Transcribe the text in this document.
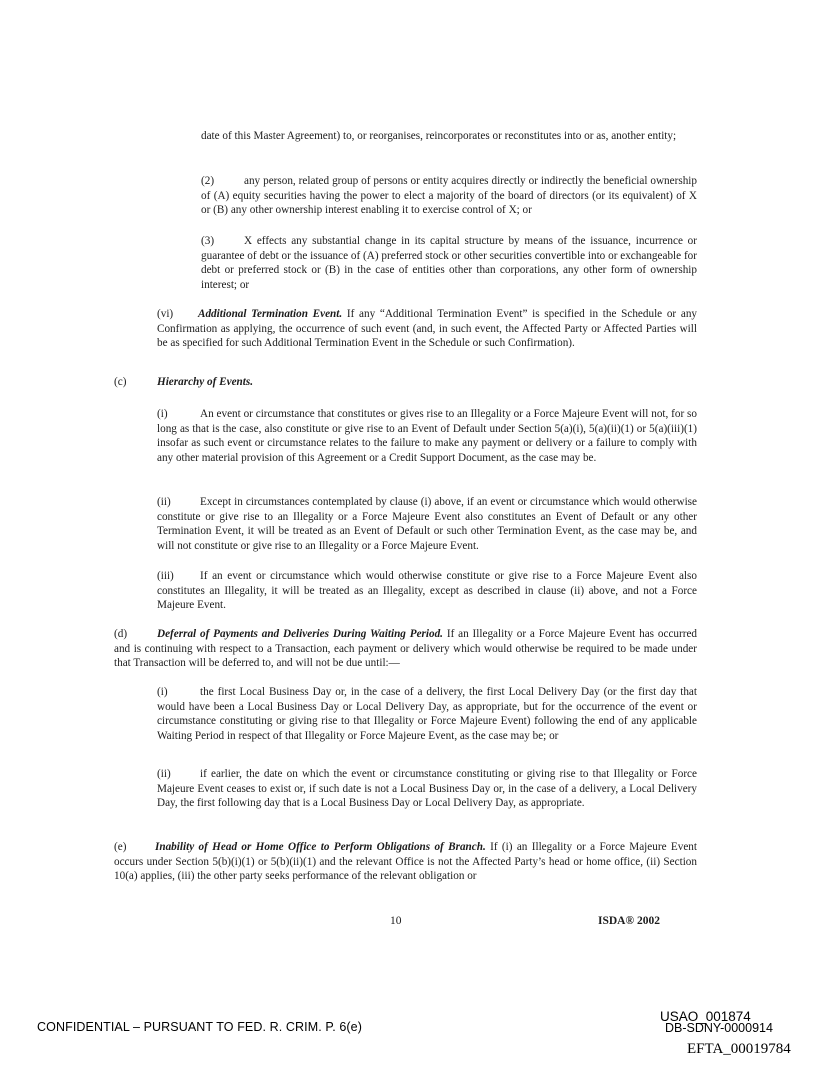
date of this Master Agreement) to, or reorganises, reincorporates or reconstitutes into or as, another entity;

(2)	any person, related group of persons or entity acquires directly or indirectly the beneficial ownership of (A) equity securities having the power to elect a majority of the board of directors (or its equivalent) of X or (B) any other ownership interest enabling it to exercise control of X; or

(3)	X effects any substantial change in its capital structure by means of the issuance, incurrence or guarantee of debt or the issuance of (A) preferred stock or other securities convertible into or exchangeable for debt or preferred stock or (B) in the case of entities other than corporations, any other form of ownership interest; or

(vi) Additional Termination Event. If any “Additional Termination Event” is specified in the Schedule or any Confirmation as applying, the occurrence of such event (and, in such event, the Affected Party or Affected Parties will be as specified for such Additional Termination Event in the Schedule or such Confirmation).

(c)	Hierarchy of Events.

(i)	An event or circumstance that constitutes or gives rise to an Illegality or a Force Majeure Event will not, for so long as that is the case, also constitute or give rise to an Event of Default under Section 5(a)(i), 5(a)(ii)(1) or 5(a)(iii)(1) insofar as such event or circumstance relates to the failure to make any payment or delivery or a failure to comply with any other material provision of this Agreement or a Credit Support Document, as the case may be.

(ii)	Except in circumstances contemplated by clause (i) above, if an event or circumstance which would otherwise constitute or give rise to an Illegality or a Force Majeure Event also constitutes an Event of Default or any other Termination Event, it will be treated as an Event of Default or such other Termination Event, as the case may be, and will not constitute or give rise to an Illegality or a Force Majeure Event.

(iii) If an event or circumstance which would otherwise constitute or give rise to a Force Majeure Event also constitutes an Illegality, it will be treated as an Illegality, except as described in clause (ii) above, and not a Force Majeure Event.

(d)	Deferral of Payments and Deliveries During Waiting Period. If an Illegality or a Force Majeure Event has occurred and is continuing with respect to a Transaction, each payment or delivery which would otherwise be required to be made under that Transaction will be deferred to, and will not be due until:—

(i)	the first Local Business Day or, in the case of a delivery, the first Local Delivery Day (or the first day that would have been a Local Business Day or Local Delivery Day, as appropriate, but for the occurrence of the event or circumstance constituting or giving rise to that Illegality or Force Majeure Event) following the end of any applicable Waiting Period in respect of that Illegality or Force Majeure Event, as the case may be; or

(ii)	if earlier, the date on which the event or circumstance constituting or giving rise to that Illegality or Force Majeure Event ceases to exist or, if such date is not a Local Business Day or, in the case of a delivery, a Local Delivery Day, the first following day that is a Local Business Day or Local Delivery Day, as appropriate.

(e)	Inability of Head or Home Office to Perform Obligations of Branch. If (i) an Illegality or a Force Majeure Event occurs under Section 5(b)(i)(1) or 5(b)(ii)(1) and the relevant Office is not the Affected Party’s head or home office, (ii) Section 10(a) applies, (iii) the other party seeks performance of the relevant obligation or

10	ISDA® 2002
CONFIDENTIAL – PURSUANT TO FED. R. CRIM. P. 6(e)
USAO_001874
DB-SDNY-0000914
EFTA_00019784
